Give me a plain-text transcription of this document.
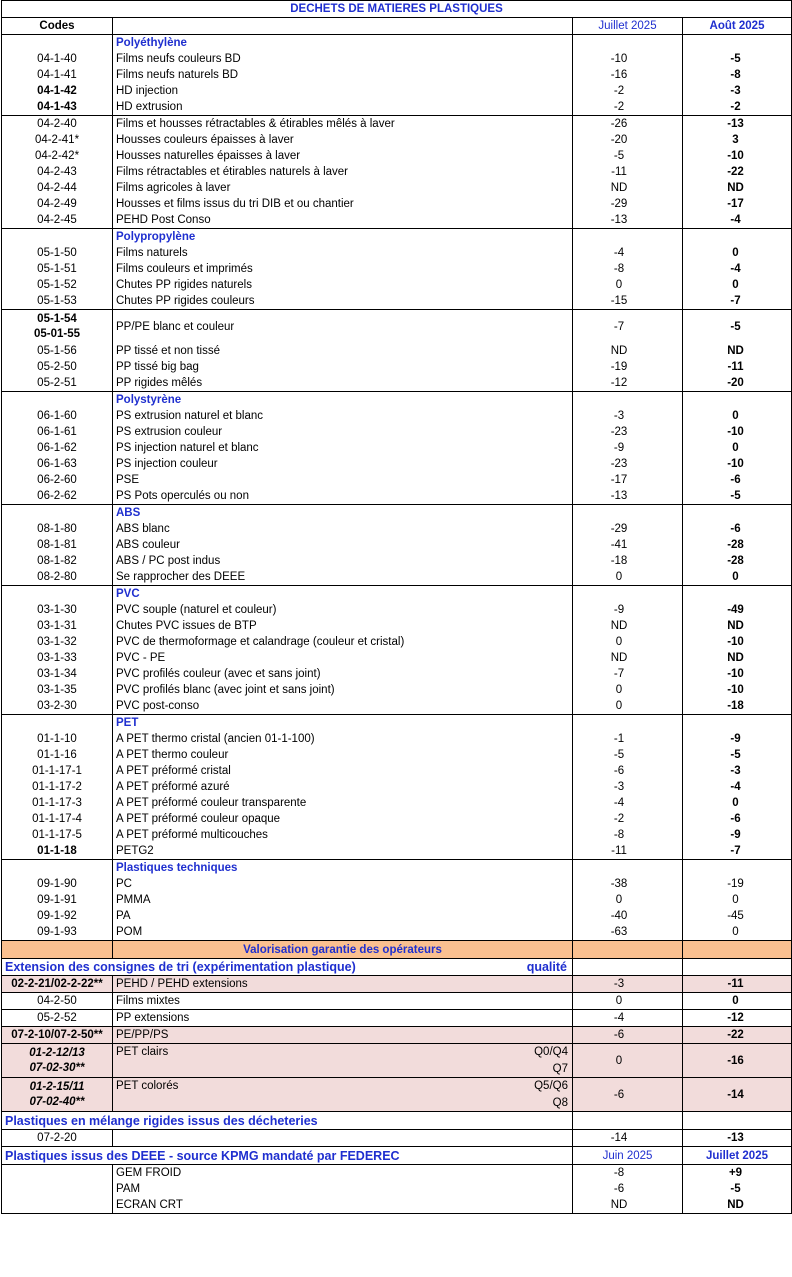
DECHETS DE MATIERES PLASTIQUES			
Codes		Juillet 2025	Août 2025
	Polyéthylène		
04-1-40	Films neufs couleurs BD	-10	-5
04-1-41	Films neufs naturels BD	-16	-8
04-1-42	HD injection	-2	-3
04-1-43	HD extrusion	-2	-2
04-2-40	Films et housses rétractables & étirables mêlés à laver	-26	-13
04-2-41*	Housses couleurs épaisses à laver	-20	3
04-2-42*	Housses naturelles épaisses à laver	-5	-10
04-2-43	Films rétractables et étirables naturels à laver	-11	-22
04-2-44	Films agricoles à laver	ND	ND
04-2-49	Housses et films issus du tri DIB et ou chantier	-29	-17
04-2-45	PEHD Post Conso	-13	-4
	Polypropylène		
05-1-50	Films naturels	-4	0
05-1-51	Films couleurs et imprimés	-8	-4
05-1-52	Chutes PP rigides naturels	0	0
05-1-53	Chutes PP rigides couleurs	-15	-7

05-1-54
05-01-55	PP/PE blanc et couleur	-7	-5
05-1-56	PP tissé et non tissé	ND	ND
05-2-50	PP tissé big bag	-19	-11
05-2-51	PP rigides mêlés	-12	-20
	Polystyrène		
06-1-60	PS extrusion naturel et blanc	-3	0
06-1-61	PS extrusion couleur	-23	-10
06-1-62	PS injection naturel et blanc	-9	0
06-1-63	PS injection couleur	-23	-10
06-2-60	PSE	-17	-6
06-2-62	PS Pots operculés ou non	-13	-5
	ABS		
08-1-80	ABS blanc	-29	-6
08-1-81	ABS couleur	-41	-28
08-1-82	ABS / PC post indus	-18	-28
08-2-80	Se rapprocher des DEEE	0	0
	PVC		
03-1-30	PVC souple (naturel et couleur)	-9	-49
03-1-31	Chutes PVC issues de BTP	ND	ND
03-1-32	PVC de thermoformage et calandrage (couleur et cristal)	0	-10
03-1-33	PVC - PE	ND	ND
03-1-34	PVC profilés couleur (avec et sans joint)	-7	-10
03-1-35	PVC profilés blanc (avec joint et sans joint)	0	-10
03-2-30	PVC post-conso	0	-18
	PET		
01-1-10	A PET thermo cristal (ancien 01-1-100)	-1	-9
01-1-16	A PET thermo couleur	-5	-5
01-1-17-1	A PET préformé cristal	-6	-3
01-1-17-2	A PET préformé azuré	-3	-4
01-1-17-3	A PET préformé couleur transparente	-4	0
01-1-17-4	A PET préformé couleur opaque	-2	-6
01-1-17-5	A PET préformé multicouches	-8	-9
01-1-18	PETG2	-11	-7
	Plastiques techniques		
09-1-90	PC	-38	-19
09-1-91	PMMA	0	0
09-1-92	PA	-40	-45
09-1-93	POM	-63	0
	Valorisation garantie des opérateurs		

qualité
Extension des consignes de tri (expérimentation plastique)			
02-2-21/02-2-22**	PEHD / PEHD extensions	-3	-11
04-2-50	Films mixtes	0	0
05-2-52	PP extensions	-4	-12
07-2-10/07-2-50**	PE/PP/PS	-6	-22

01-2-12/13
07-02-30**	PET clairs Q0/Q4
Q7	0	-16

01-2-15/11
07-02-40**	PET colorés Q5/Q6
Q8	-6	-14
Plastiques en mélange rigides issus des décheteries			
07-2-20		-14	-13
Plastiques issus des DEEE - source KPMG mandaté par FEDEREC		Juin 2025	Juillet 2025
	GEM FROID	-8	+9
	PAM	-6	-5
	ECRAN CRT	ND	ND
